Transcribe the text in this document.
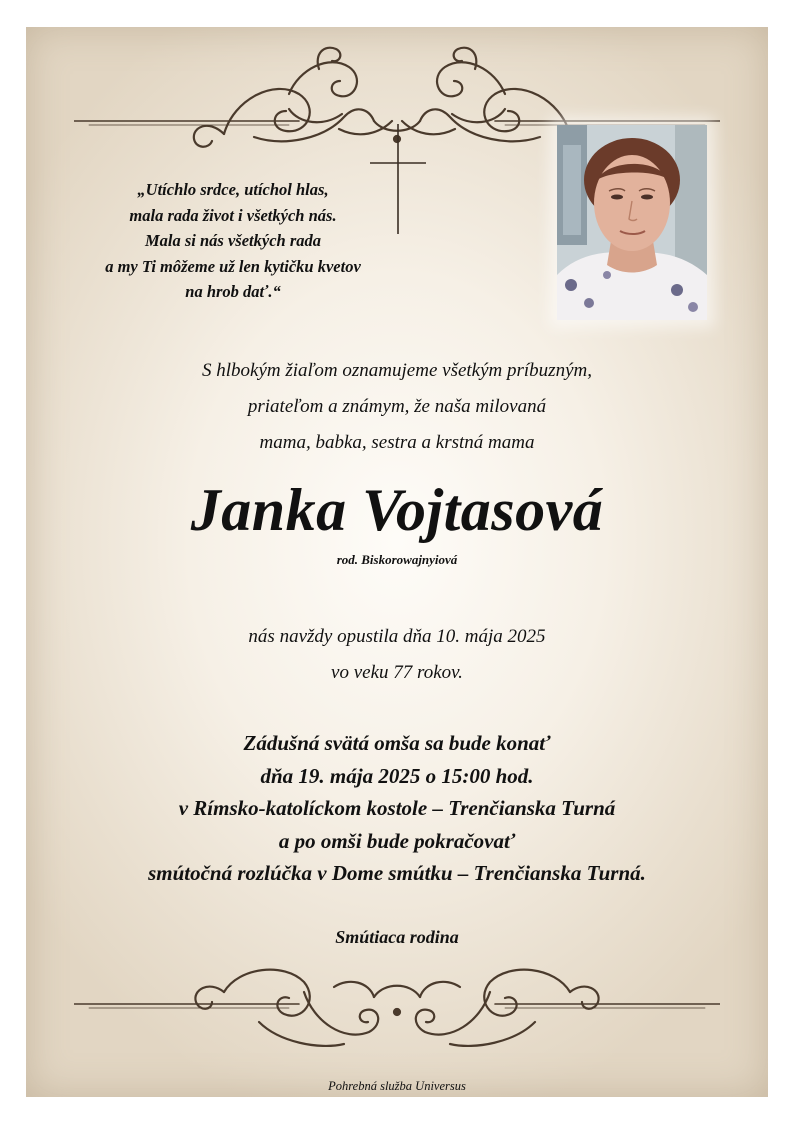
„Utíchlo srdce, utíchol hlas,
mala rada život i všetkých nás.
Mala si nás všetkých rada
a my Ti môžeme už len kytičku kvetov
na hrob dať.“
S hlbokým žiaľom oznamujeme všetkým príbuzným,
priateľom a známym, že naša milovaná
mama, babka, sestra a krstná mama
Janka Vojtasová
rod. Biskorowajnyiová
nás navždy opustila dňa 10. mája 2025
vo veku 77 rokov.
Zádušná svätá omša sa bude konať
dňa 19. mája 2025 o 15:00 hod.
v Rímsko-katolíckom kostole – Trenčianska Turná
a po omši bude pokračovať
smútočná rozlúčka v Dome smútku – Trenčianska Turná.
Smútiaca rodina
Pohrebná služba Universus
